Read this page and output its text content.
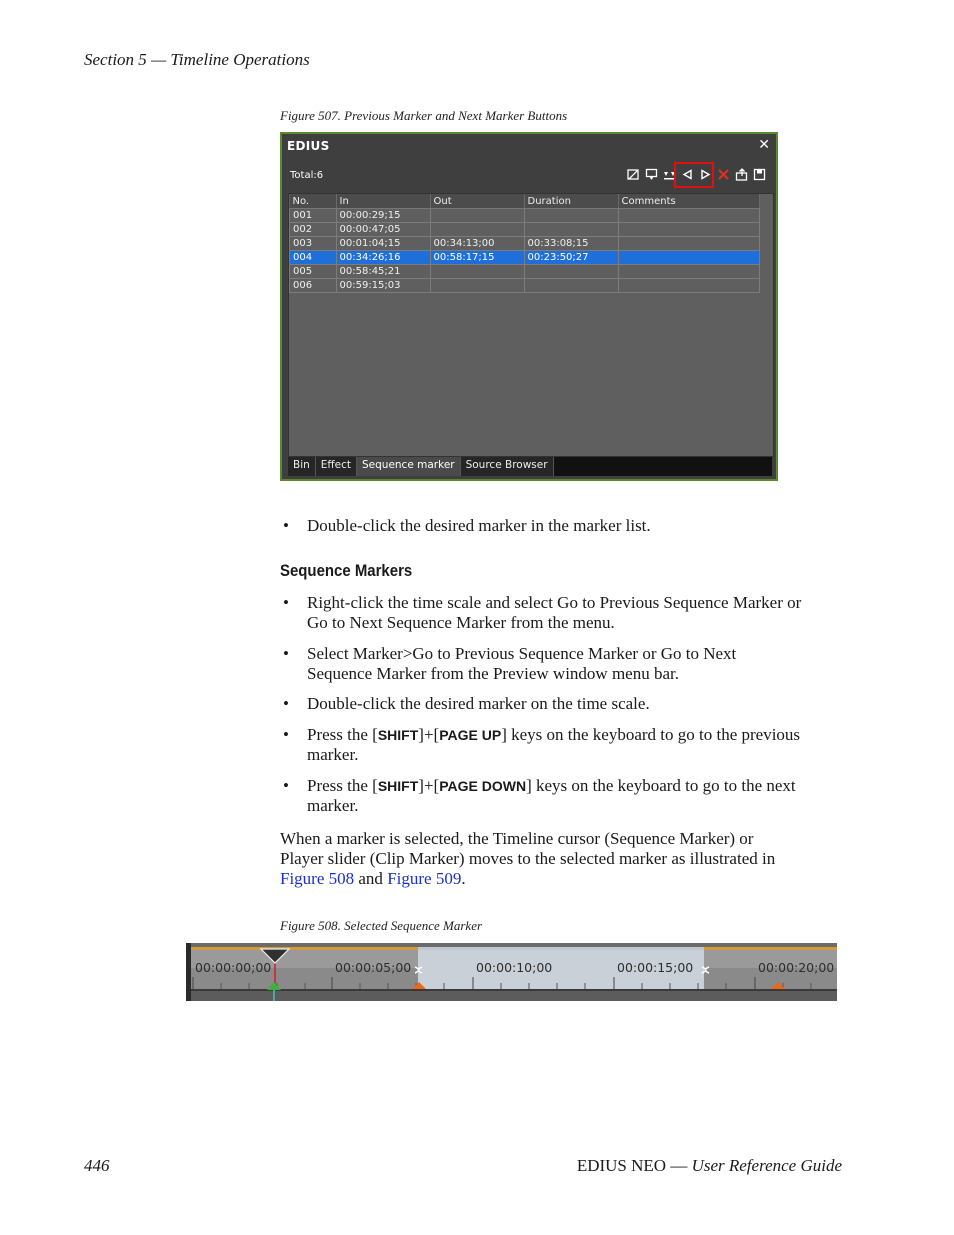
Section 5 — Timeline Operations
Figure 507. Previous Marker and Next Marker Buttons
EDIUS	✕
Total:6
No.	In	Out	Duration	Comments
001	00:00:29;15			
002	00:00:47;05			
003	00:01:04;15	00:34:13;00	00:33:08;15	
004	00:34:26;16	00:58:17;15	00:23:50;27	
005	00:58:45;21			
006	00:59:15;03			
Bin	Effect	Sequence marker	Source Browser
• Double-click the desired marker in the marker list.
Sequence Markers
• Right-click the time scale and select Go to Previous Sequence Marker or
Go to Next Sequence Marker from the menu.
• Select Marker>Go to Previous Sequence Marker or Go to Next
Sequence Marker from the Preview window menu bar.
• Double-click the desired marker on the time scale.
• Press the [SHIFT]+[PAGE UP] keys on the keyboard to go to the previous
marker.
• Press the [SHIFT]+[PAGE DOWN] keys on the keyboard to go to the next
marker.
When a marker is selected, the Timeline cursor (Sequence Marker) or
Player slider (Clip Marker) moves to the selected marker as illustrated in
Figure 508 and Figure 509.
Figure 508. Selected Sequence Marker
00:00:00;00	00:00:05;00	00:00:10;00	00:00:15;00	00:00:20;00
446	EDIUS NEO — User Reference Guide
